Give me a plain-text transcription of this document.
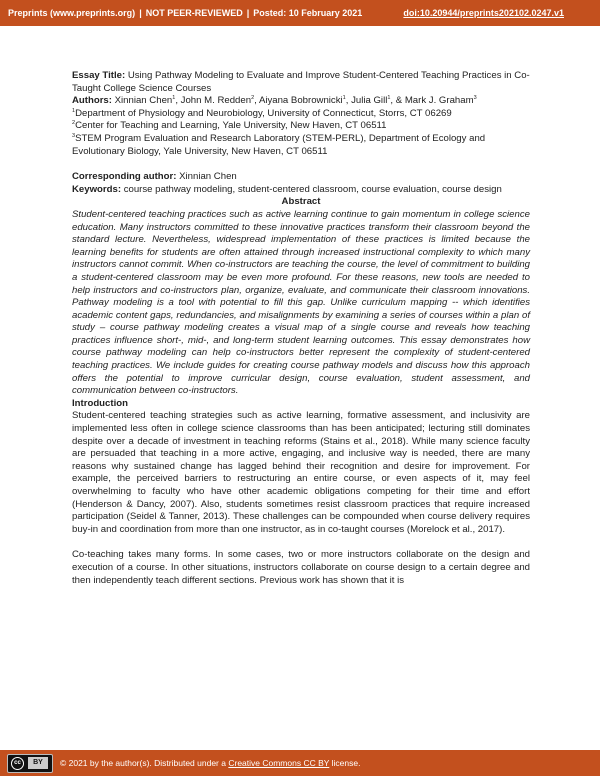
Preprints (www.preprints.org) | NOT PEER-REVIEWED | Posted: 10 February 2021	doi:10.20944/preprints202102.0247.v1

Essay Title: Using Pathway Modeling to Evaluate and Improve Student-Centered Teaching Practices in Co-Taught College Science Courses

Authors: Xinnian Chen$^1$, John M. Redden$^2$, Aiyana Bobrownicki$^1$, Julia Gill$^1$, & Mark J. Graham$^3$

$^1$Department of Physiology and Neurobiology, University of Connecticut, Storrs, CT 06269

$^2$Center for Teaching and Learning, Yale University, New Haven, CT 06511

$^3$STEM Program Evaluation and Research Laboratory (STEM-PERL), Department of Ecology and Evolutionary Biology, Yale University, New Haven, CT 06511

Corresponding author: Xinnian Chen

Keywords: course pathway modeling, student-centered classroom, course evaluation, course design

Abstract

Student-centered teaching practices such as active learning continue to gain momentum in college science education. Many instructors committed to these innovative practices transform their classroom beyond the standard lecture. Nevertheless, widespread implementation of these practices is limited because the learning benefits for students are often attained through increased instructional complexity to which many instructors cannot commit. When co-instructors are teaching the course, the level of commitment to building a student-centered classroom may be even more profound. For these reasons, new tools are needed to help instructors and co-instructors plan, organize, evaluate, and communicate their classroom innovations. Pathway modeling is a tool with potential to fill this gap. Unlike curriculum mapping -- which identifies academic content gaps, redundancies, and misalignments by examining a series of courses within a plan of study – course pathway modeling creates a visual map of a single course and reveals how teaching practices influence short-, mid-, and long-term student learning outcomes. This essay demonstrates how course pathway modeling can help co-instructors better represent the complexity of student-centered teaching practices. We include guides for creating course pathway models and discuss how this approach offers the potential to improve curricular design, course evaluation, student assessment, and communication between co-instructors.

Introduction

Student-centered teaching strategies such as active learning, formative assessment, and inclusivity are implemented less often in college science classrooms than has been anticipated; lecturing still dominates despite over a decade of investment in teaching reforms (Stains et al., 2018). While many science faculty are persuaded that teaching in a more active, engaging, and inclusive way is needed, there are many reasons why sustained change has lagged behind their recognition and desire for improvement. For example, the perceived barriers to restructuring an entire course, or even aspects of it, may feel overwhelming to faculty who have other academic obligations competing for their time and effort (Henderson & Dancy, 2007). Also, students sometimes resist classroom practices that require increased participation (Seidel & Tanner, 2013). These challenges can be compounded when course delivery requires buy-in and coordination from more than one instructor, as in co-taught courses (Morelock et al., 2017).

Co-teaching takes many forms. In some cases, two or more instructors collaborate on the design and execution of a course. In other situations, instructors collaborate on course design to a certain degree and then independently teach different sections. Previous work has shown that it is

cc	BY	© 2021 by the author(s). Distributed under a Creative Commons CC BY license.
